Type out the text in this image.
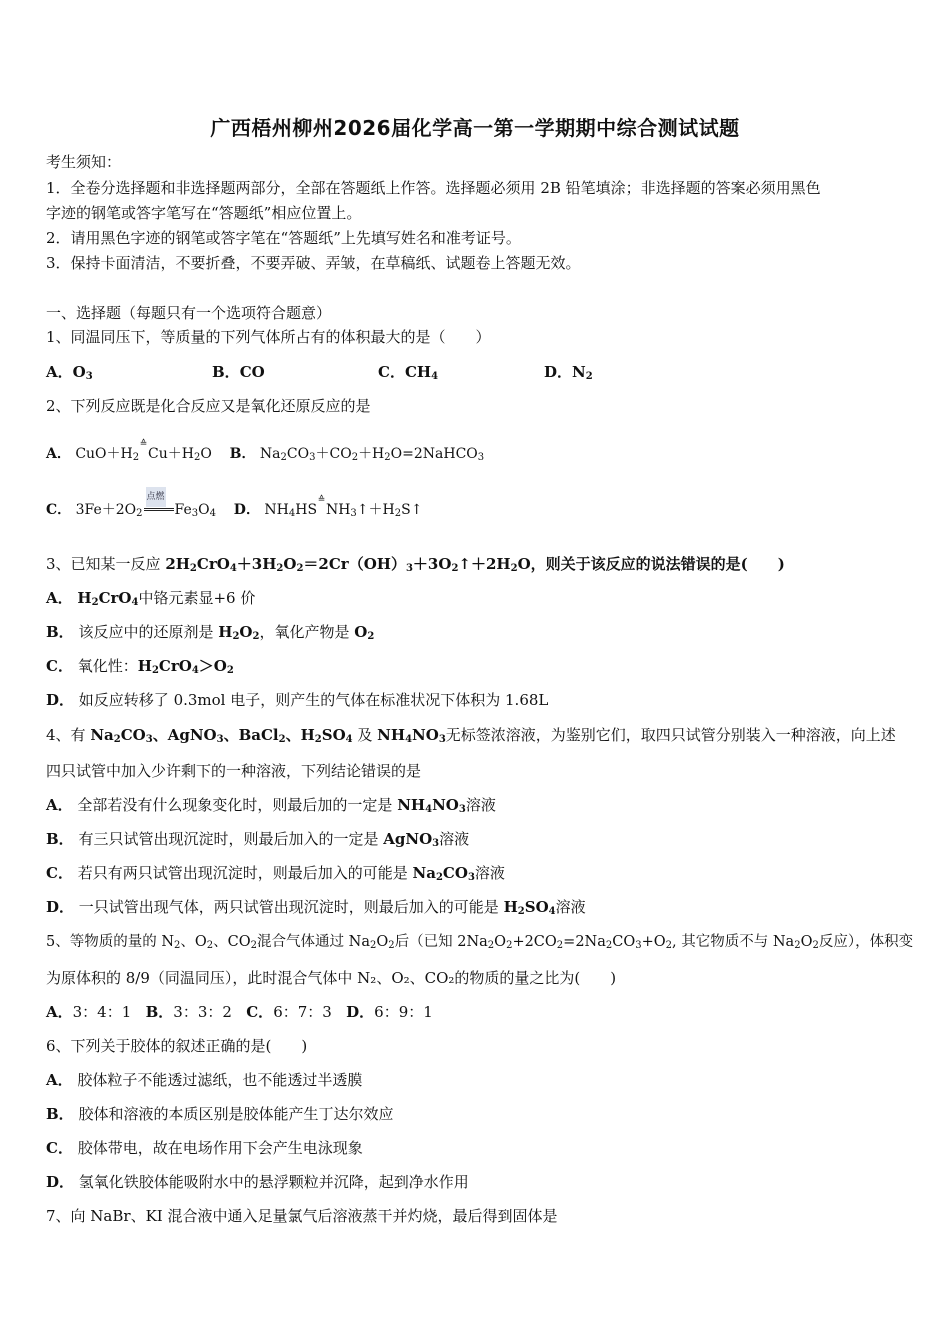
广西梧州柳州2026届化学高一第一学期期中综合测试试题
考生须知：
1．全卷分选择题和非选择题两部分，全部在答题纸上作答。选择题必须用 2B 铅笔填涂；非选择题的答案必须用黑色
字迹的钢笔或答字笔写在“答题纸”相应位置上。
2．请用黑色字迹的钢笔或答字笔在“答题纸”上先填写姓名和准考证号。
3．保持卡面清洁，不要折叠，不要弄破、弄皱，在草稿纸、试题卷上答题无效。
一、选择题（每题只有一个选项符合题意）
1、同温同压下，等质量的下列气体所占有的体积最大的是（　　）
A．$O_3$	B．CO	C．$CH_4$	D．$N_2$
2、下列反应既是化合反应又是氧化还原反应的是
A． $CuO+H_2$
≙
$Cu+H_2O$ B． $Na_2CO_3+CO_2+H_2O=2NaHCO_3$
C． $3Fe+2O_2$
点燃
$Fe_3O_4$ D． $NH_4HS$
≙
$NH_3↑+H_2S↑$
3、已知某一反应 $2H_2CrO_4+3H_2O_2=2Cr(OH)_3+3O_2↑+2H_2O$，则关于该反应的说法错误的是(　　)
A． $H_2CrO_4$中铬元素显+6 价
B． 该反应中的还原剂是 $H_2O_2$，氧化产物是 $O_2$
C． 氧化性：$H_2CrO_4>O_2$
D． 如反应转移了 0.3mol 电子，则产生的气体在标准状况下体积为 1.68L
4、有 $Na_2CO_3$、AgNO$_3$、BaCl$_2$、$H_2SO_4$ 及 $NH_4NO_3$无标签浓溶液，为鉴别它们，取四只试管分别装入一种溶液，向上述
四只试管中加入少许剩下的一种溶液，下列结论错误的是
A． 全部若没有什么现象变化时，则最后加的一定是 $NH_4NO_3$溶液
B． 有三只试管出现沉淀时，则最后加入的一定是 AgNO$_3$溶液
C． 若只有两只试管出现沉淀时，则最后加入的可能是 $Na_2CO_3$溶液
D． 一只试管出现气体，两只试管出现沉淀时，则最后加入的可能是 $H_2SO_4$溶液
5、等物质的量的 $N_2$、$O_2$、$CO_2$混合气体通过 $Na_2O_2$后（已知 $2Na_2O_2+2CO_2=2Na_2CO_3+O_2$, 其它物质不与 $Na_2O_2$反应），体积变
为原体积的 8/9（同温同压），此时混合气体中 N₂、O₂、CO₂的物质的量之比为(　　)
A．3：4：1 B．3：3：2 C．6：7：3 D．6：9：1
6、下列关于胶体的叙述正确的是(　　)
A． 胶体粒子不能透过滤纸，也不能透过半透膜
B． 胶体和溶液的本质区别是胶体能产生丁达尔效应
C． 胶体带电，故在电场作用下会产生电泳现象
D． 氢氧化铁胶体能吸附水中的悬浮颗粒并沉降，起到净水作用
7、向 NaBr、KI 混合液中通入足量氯气后溶液蒸干并灼烧，最后得到固体是
